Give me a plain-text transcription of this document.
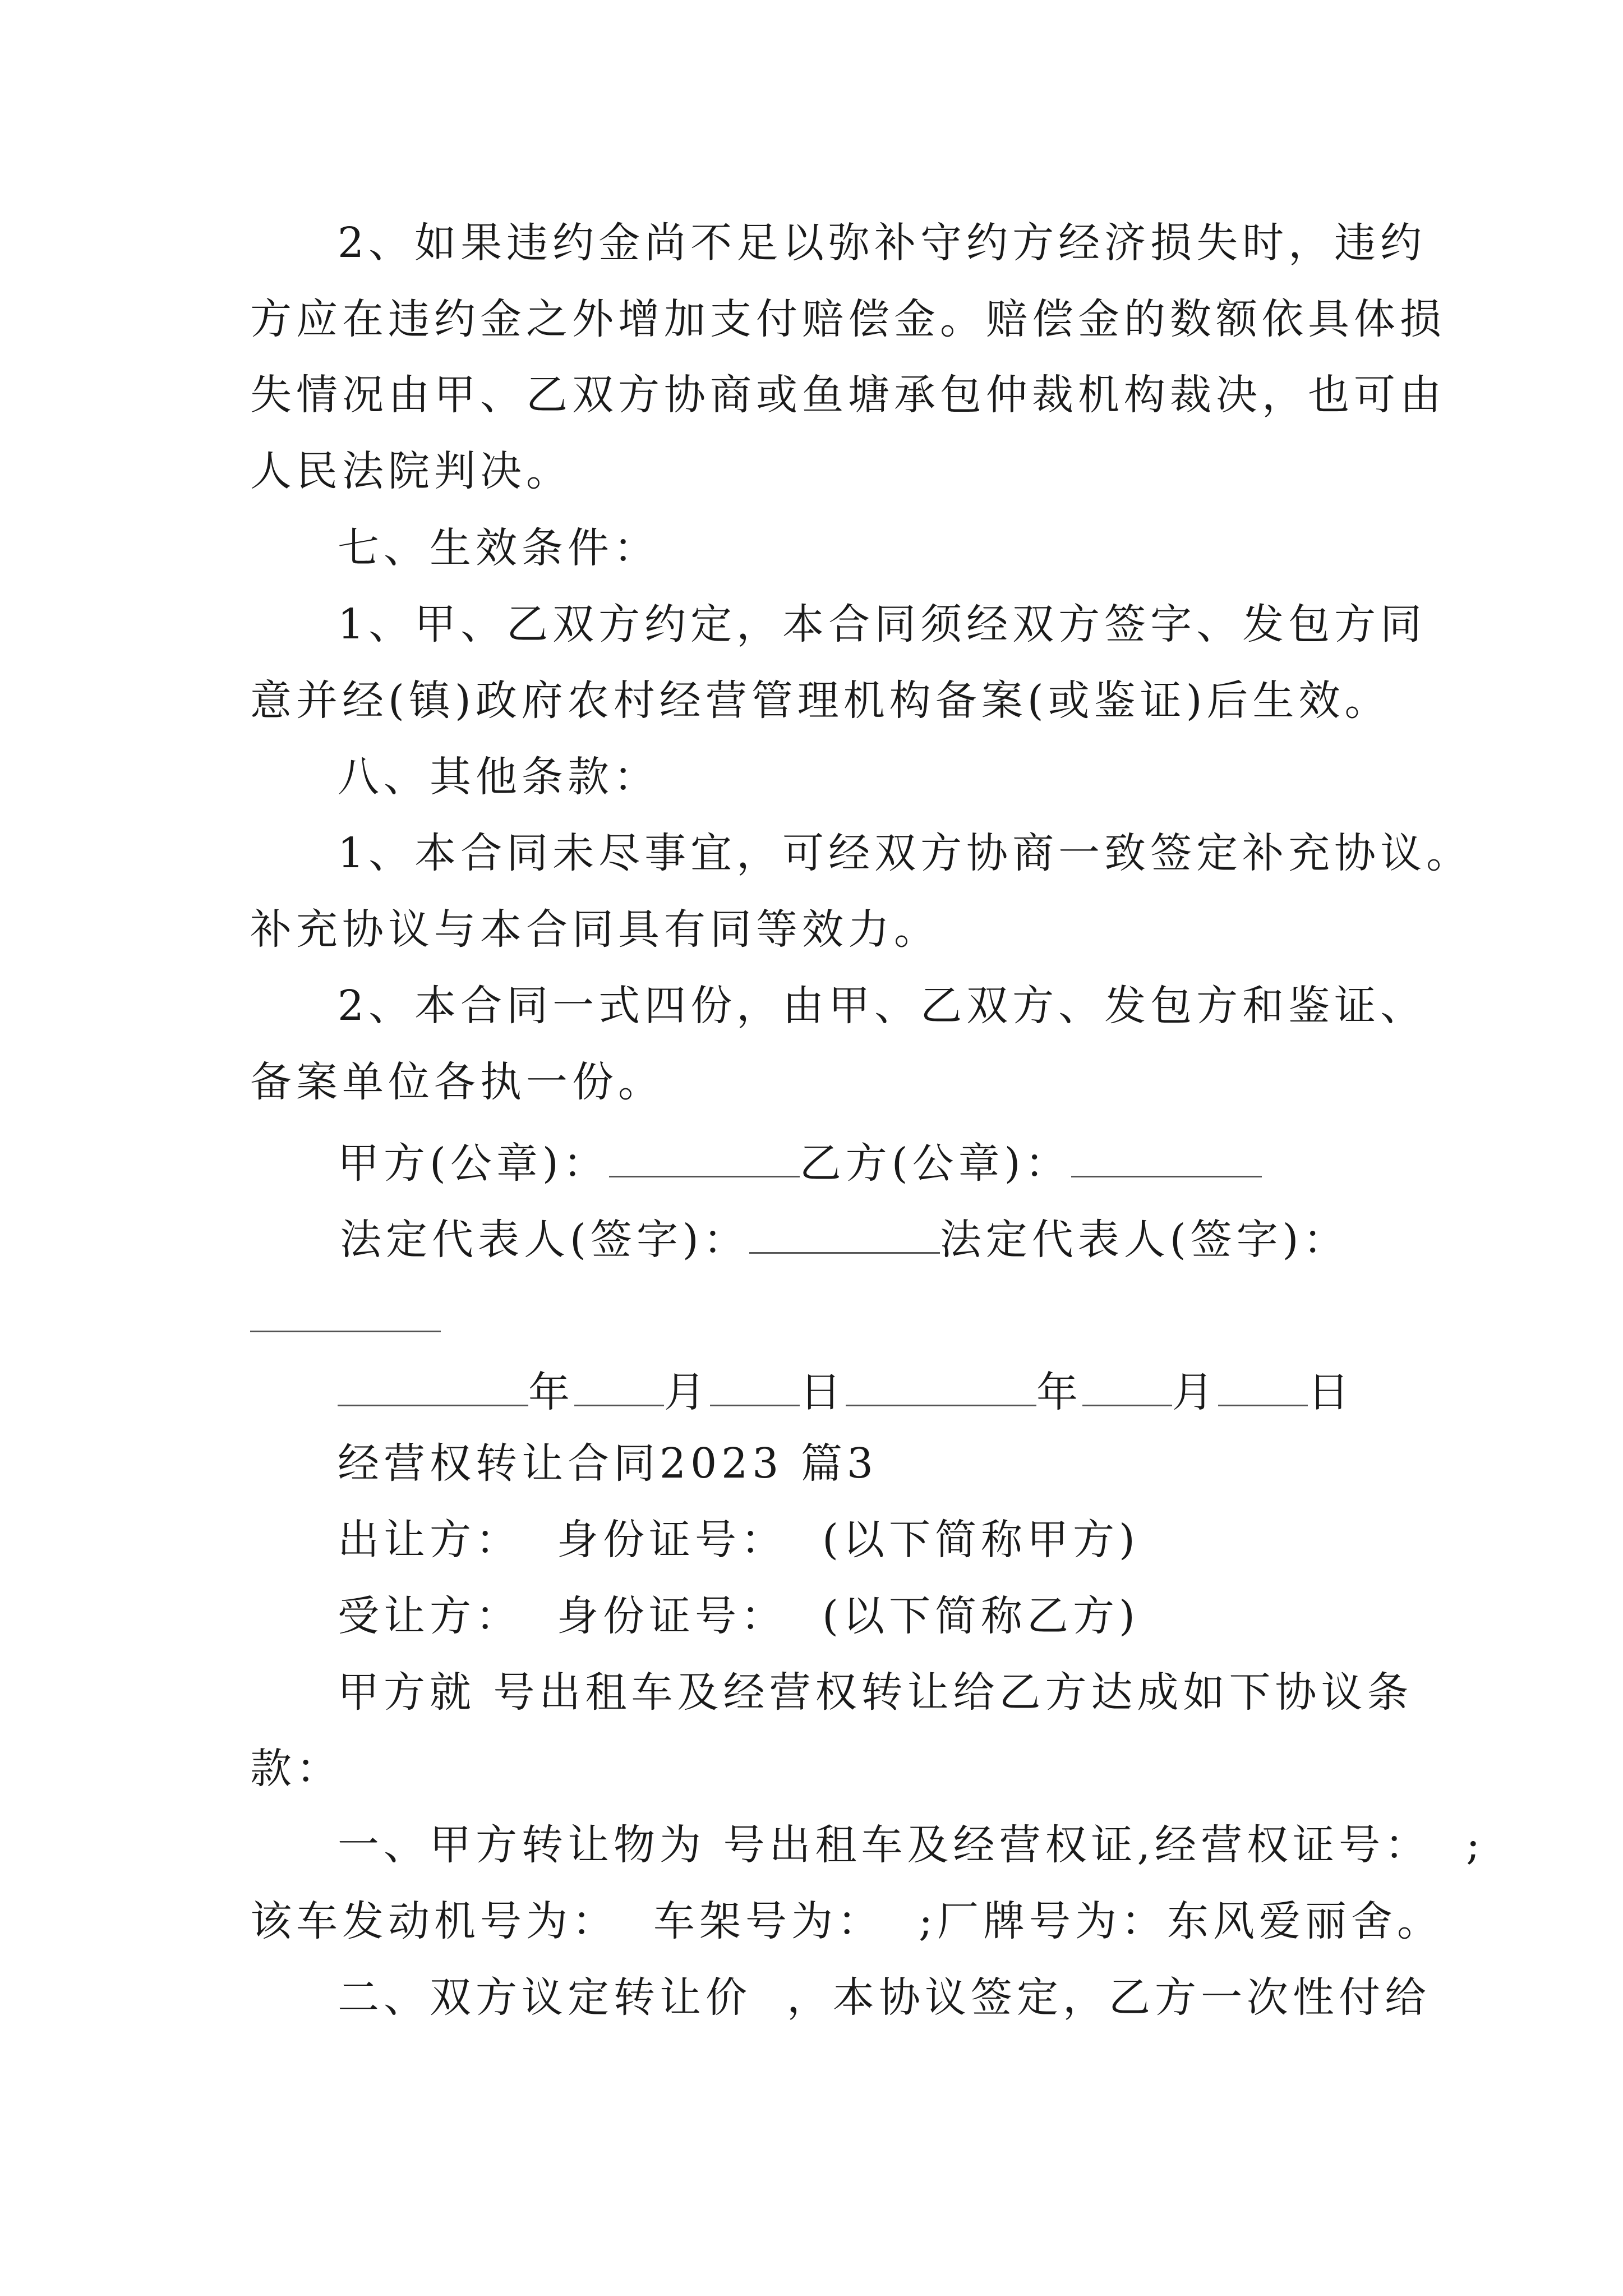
2、如果违约金尚不足以弥补守约方经济损失时，违约
方应在违约金之外增加支付赔偿金。赔偿金的数额依具体损
失情况由甲、乙双方协商或鱼塘承包仲裁机构裁决，也可由
人民法院判决。
七、生效条件：
1、甲、乙双方约定，本合同须经双方签字、发包方同
意并经(镇)政府农村经营管理机构备案(或鉴证)后生效。
八、其他条款：
1、本合同未尽事宜，可经双方协商一致签定补充协议。
补充协议与本合同具有同等效力。
2、本合同一式四份，由甲、乙双方、发包方和鉴证、
备案单位各执一份。
甲方(公章)：	乙方(公章)：
法定代表人(签字)：	法定代表人(签字)：
年 月 日	年 月 日
经营权转让合同2023 篇3
出让方：  身份证号：  (以下简称甲方)
受让方：  身份证号：  (以下简称乙方)
甲方就 号出租车及经营权转让给乙方达成如下协议条
款：
一、甲方转让物为 号出租车及经营权证,经营权证号：  ;
该车发动机号为：  车架号为：  ;厂牌号为：东风爱丽舍。
二、双方议定转让价  ，本协议签定，乙方一次性付给
